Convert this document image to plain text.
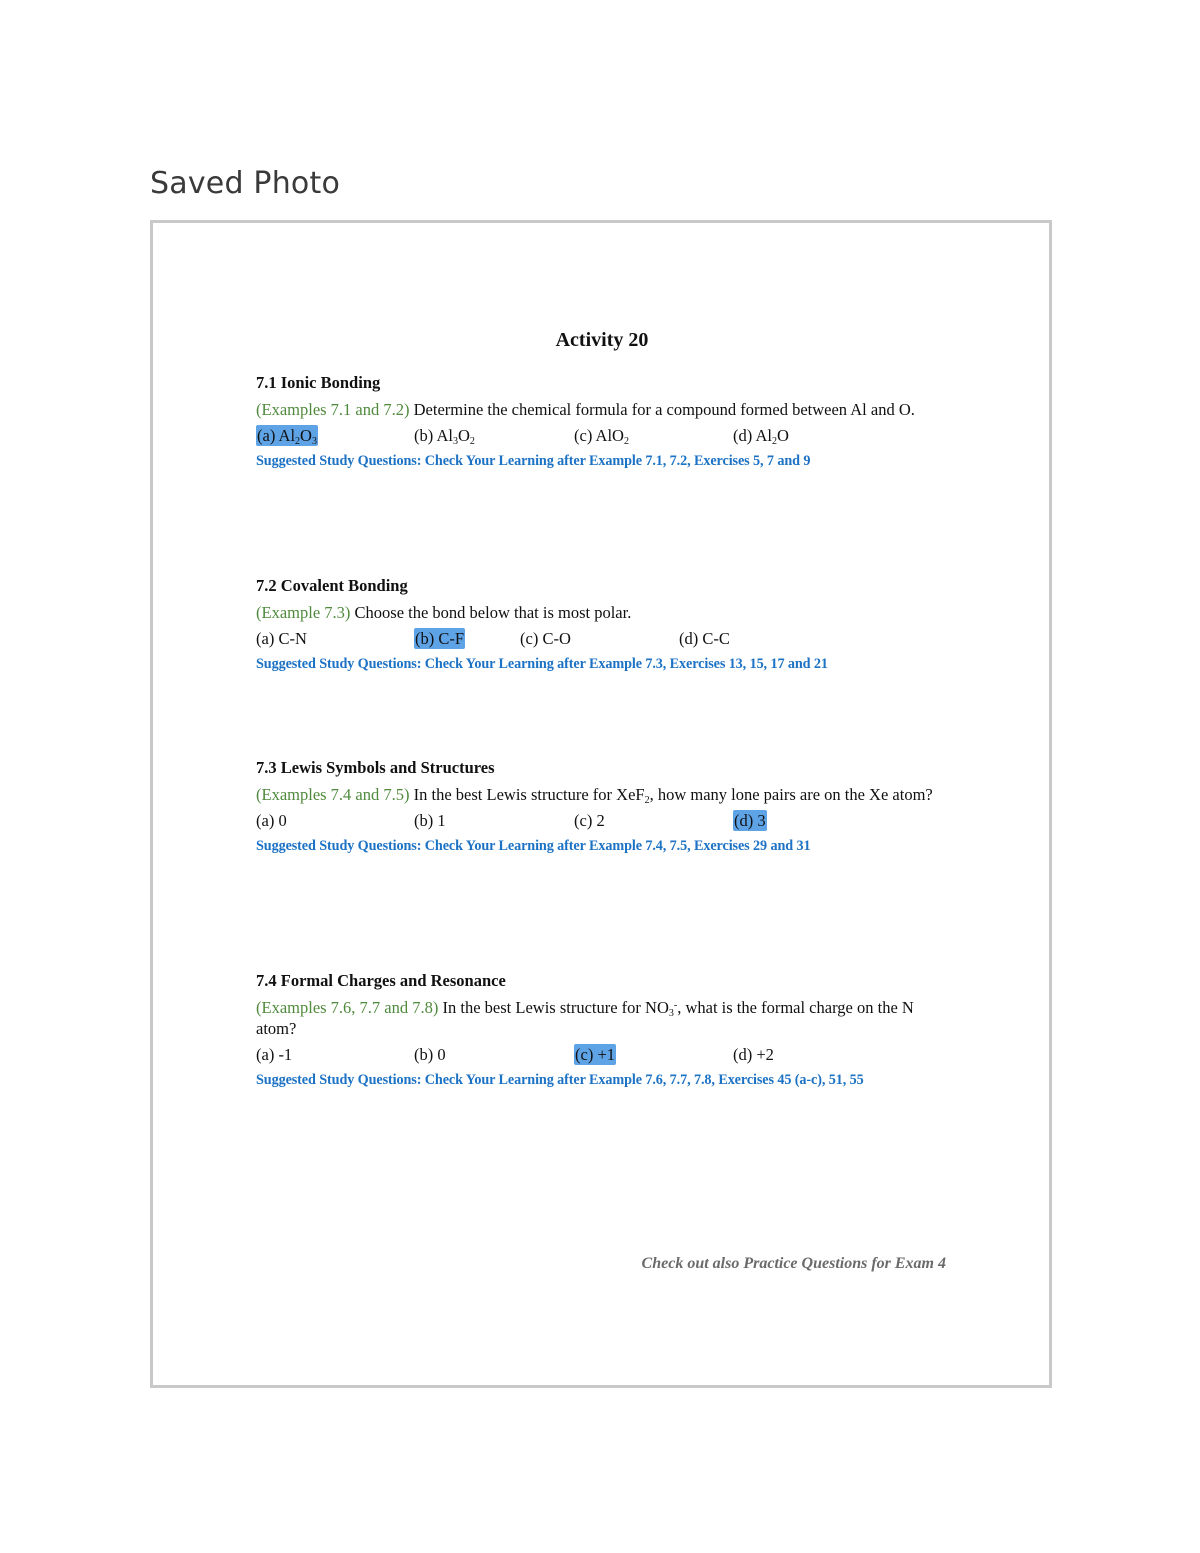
Saved Photo
Activity 20

7.1 Ionic Bonding

(Examples 7.1 and 7.2) Determine the chemical formula for a compound formed between Al and O.
(a) $Al_2O_3$	(b) $Al_3O_2$	(c) AlO$_2$	(d) $Al_2O$
Suggested Study Questions: Check Your Learning after Example 7.1, 7.2, Exercises 5, 7 and 9

7.2 Covalent Bonding

(Example 7.3) Choose the bond below that is most polar.
(a) C-N	(b) C-F	(c) C-O	(d) C-C
Suggested Study Questions: Check Your Learning after Example 7.3, Exercises 13, 15, 17 and 21

7.3 Lewis Symbols and Structures

(Examples 7.4 and 7.5) In the best Lewis structure for XeF$_2$, how many lone pairs are on the Xe atom?
(a) 0	(b) 1	(c) 2	(d) 3
Suggested Study Questions: Check Your Learning after Example 7.4, 7.5, Exercises 29 and 31

7.4 Formal Charges and Resonance

(Examples 7.6, 7.7 and 7.8) In the best Lewis structure for $NO_3^-$, what is the formal charge on the N atom?
(a) -1	(b) 0	(c) +1	(d) +2
Suggested Study Questions: Check Your Learning after Example 7.6, 7.7, 7.8, Exercises 45 (a-c), 51, 55
Check out also Practice Questions for Exam 4
